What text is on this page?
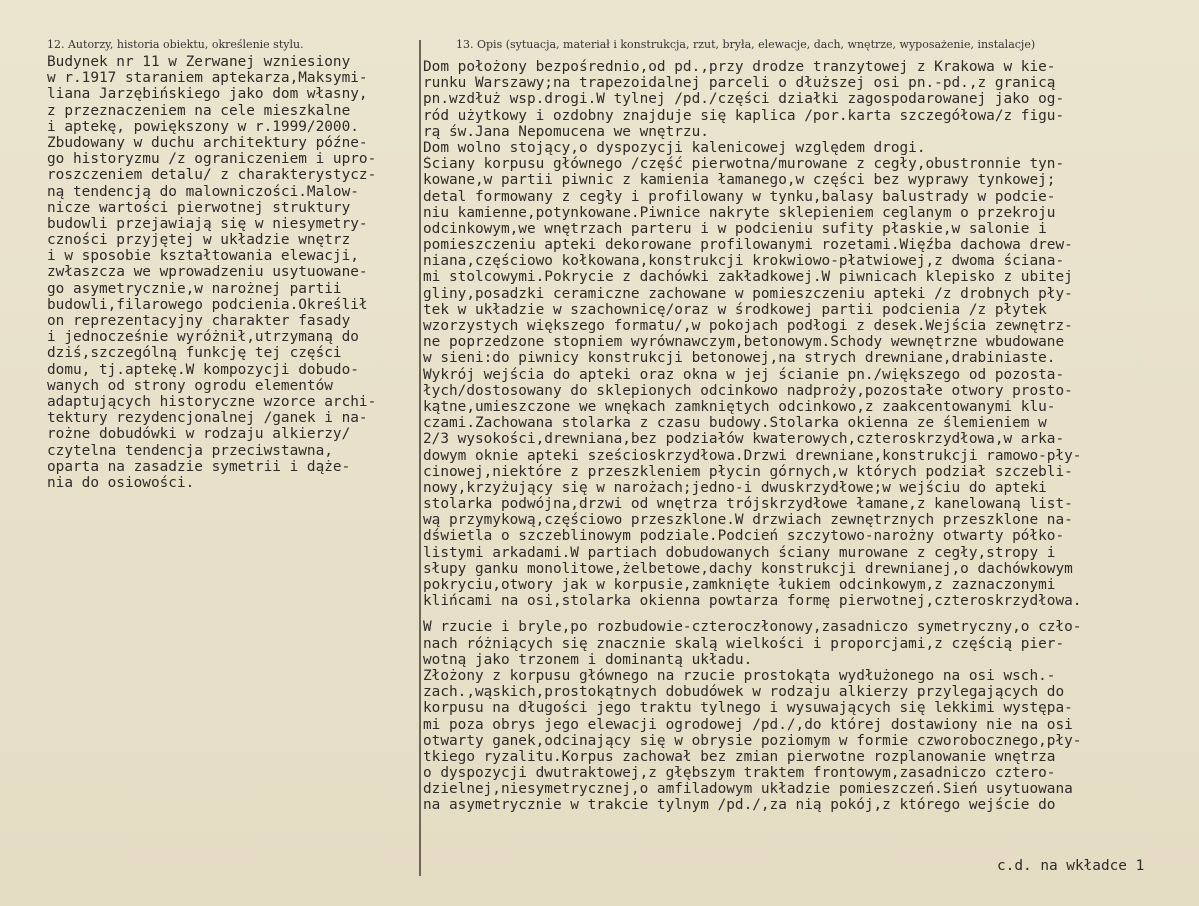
12. Autorzy, historia obiektu, określenie stylu.	13. Opis (sytuacja, materiał i konstrukcja, rzut, bryła, elewacje, dach, wnętrze, wyposażenie, instalacje)
Budynek nr 11 w Zerwanej wzniesiony
w r.1917 staraniem aptekarza,Maksymi-
liana Jarzębińskiego jako dom własny,
z przeznaczeniem na cele mieszkalne
i aptekę, powiększony w r.1999/2000.
Zbudowany w duchu architektury późne-
go historyzmu /z ograniczeniem i upro-
roszczeniem detalu/ z charakterystycz-
ną tendencją do malowniczości.Malow-
nicze wartości pierwotnej struktury
budowli przejawiają się w niesymetry-
czności przyjętej w układzie wnętrz
i w sposobie kształtowania elewacji,
zwłaszcza we wprowadzeniu usytuowane-
go asymetrycznie,w narożnej partii
budowli,filarowego podcienia.Określił
on reprezentacyjny charakter fasady
i jednocześnie wyróżnił,utrzymaną do
dziś,szczególną funkcję tej części
domu, tj.aptekę.W kompozycji dobudo-
wanych od strony ogrodu elementów
adaptujących historyczne wzorce archi-
tektury rezydencjonalnej /ganek i na-
rożne dobudówki w rodzaju alkierzy/
czytelna tendencja przeciwstawna,
oparta na zasadzie symetrii i dąże-
nia do osiowości.
Dom położony bezpośrednio,od pd.,przy drodze tranzytowej z Krakowa w kie-
runku Warszawy;na trapezoidalnej parceli o dłuższej osi pn.-pd.,z granicą
pn.wzdłuż wsp.drogi.W tylnej /pd./części działki zagospodarowanej jako og-
ród użytkowy i ozdobny znajduje się kaplica /por.karta szczegółowa/z figu-
rą św.Jana Nepomucena we wnętrzu.
Dom wolno stojący,o dyspozycji kalenicowej względem drogi.
Ściany korpusu głównego /część pierwotna/murowane z cegły,obustronnie tyn-
kowane,w partii piwnic z kamienia łamanego,w części bez wyprawy tynkowej;
detal formowany z cegły i profilowany w tynku,balasy balustrady w podcie-
niu kamienne,potynkowane.Piwnice nakryte sklepieniem ceglanym o przekroju
odcinkowym,we wnętrzach parteru i w podcieniu sufity płaskie,w salonie i
pomieszczeniu apteki dekorowane profilowanymi rozetami.Więźba dachowa drew-
niana,częściowo kołkowana,konstrukcji krokwiowo-płatwiowej,z dwoma ściana-
mi stolcowymi.Pokrycie z dachówki zakładkowej.W piwnicach klepisko z ubitej
gliny,posadzki ceramiczne zachowane w pomieszczeniu apteki /z drobnych pły-
tek w układzie w szachownicę/oraz w środkowej partii podcienia /z płytek
wzorzystych większego formatu/,w pokojach podłogi z desek.Wejścia zewnętrz-
ne poprzedzone stopniem wyrównawczym,betonowym.Schody wewnętrzne wbudowane
w sieni:do piwnicy konstrukcji betonowej,na strych drewniane,drabiniaste.
Wykrój wejścia do apteki oraz okna w jej ścianie pn./większego od pozosta-
łych/dostosowany do sklepionych odcinkowo nadproży,pozostałe otwory prosto-
kątne,umieszczone we wnękach zamkniętych odcinkowo,z zaakcentowanymi klu-
czami.Zachowana stolarka z czasu budowy.Stolarka okienna ze ślemieniem w
2/3 wysokości,drewniana,bez podziałów kwaterowych,czteroskrzydłowa,w arka-
dowym oknie apteki sześcioskrzydłowa.Drzwi drewniane,konstrukcji ramowo-pły-
cinowej,niektóre z przeszkleniem płycin górnych,w których podział szczebli-
nowy,krzyżujący się w narożach;jedno-i dwuskrzydłowe;w wejściu do apteki
stolarka podwójna,drzwi od wnętrza trójskrzydłowe łamane,z kanelowaną list-
wą przymykową,częściowo przeszklone.W drzwiach zewnętrznych przeszklone na-
dświetla o szczeblinowym podziale.Podcień szczytowo-narożny otwarty półko-
listymi arkadami.W partiach dobudowanych ściany murowane z cegły,stropy i
słupy ganku monolitowe,żelbetowe,dachy konstrukcji drewnianej,o dachówkowym
pokryciu,otwory jak w korpusie,zamknięte łukiem odcinkowym,z zaznaczonymi
klińcami na osi,stolarka okienna powtarza formę pierwotnej,czteroskrzydłowa.
W rzucie i bryle,po rozbudowie-czteroczłonowy,zasadniczo symetryczny,o czło-
nach różniących się znacznie skalą wielkości i proporcjami,z częścią pier-
wotną jako trzonem i dominantą układu.
Złożony z korpusu głównego na rzucie prostokąta wydłużonego na osi wsch.-
zach.,wąskich,prostokątnych dobudówek w rodzaju alkierzy przylegających do
korpusu na długości jego traktu tylnego i wysuwających się lekkimi występa-
mi poza obrys jego elewacji ogrodowej /pd./,do której dostawiony nie na osi
otwarty ganek,odcinający się w obrysie poziomym w formie czworobocznego,pły-
tkiego ryzalitu.Korpus zachował bez zmian pierwotne rozplanowanie wnętrza
o dyspozycji dwutraktowej,z głębszym traktem frontowym,zasadniczo cztero-
dzielnej,niesymetrycznej,o amfiladowym układzie pomieszczeń.Sień usytuowana
na asymetrycznie w trakcie tylnym /pd./,za nią pokój,z którego wejście do
c.d. na wkładce 1
